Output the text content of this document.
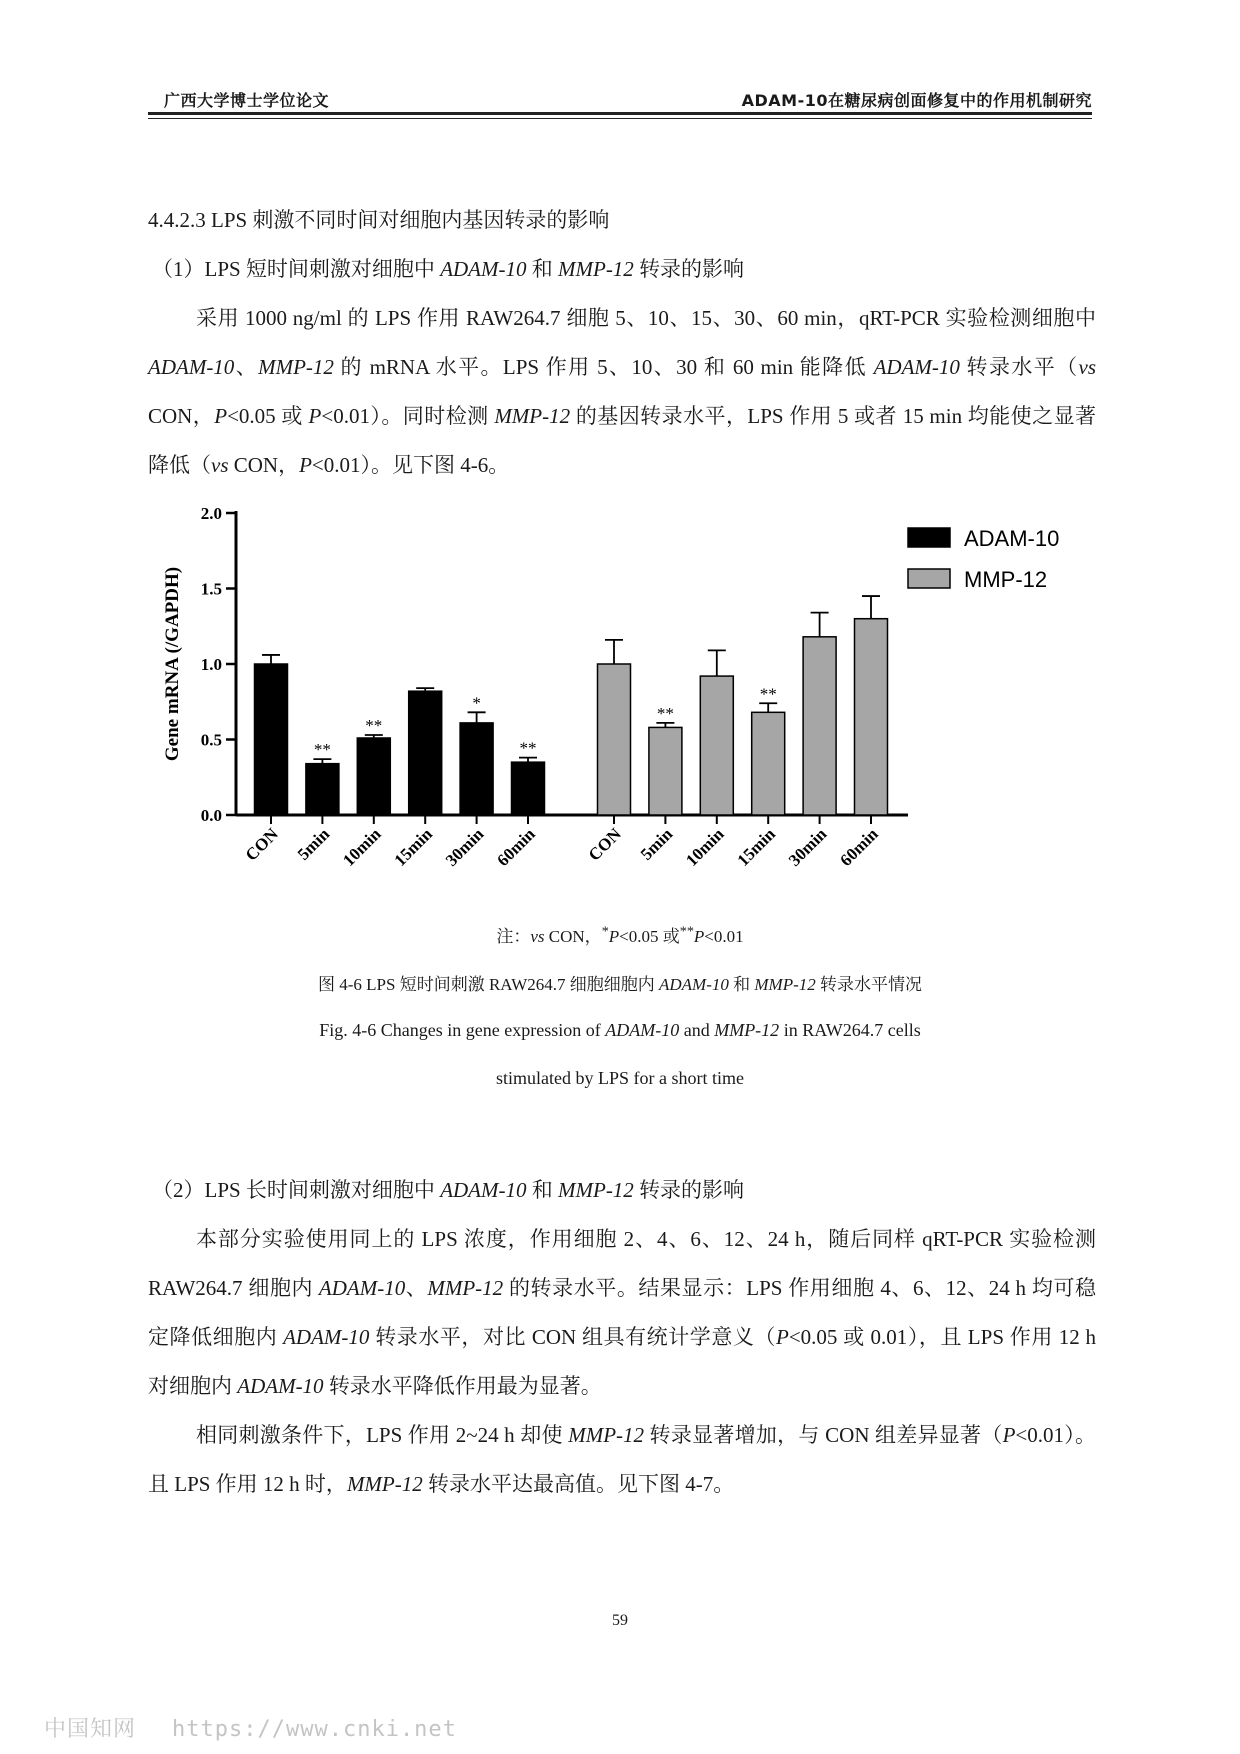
广西大学博士学位论文	ADAM-10在糖尿病创面修复中的作用机制研究

4.4.2.3 LPS 刺激不同时间对细胞内基因转录的影响

（1）LPS 短时间刺激对细胞中 ADAM-10 和 MMP-12 转录的影响

采用 1000 ng/ml 的 LPS 作用 RAW264.7 细胞 5、10、15、30、60 min，qRT-PCR 实验检测细胞中 ADAM-10、MMP-12 的 mRNA 水平。LPS 作用 5、10、30 和 60 min 能降低 ADAM-10 转录水平（vs CON，P<0.05 或 P<0.01）。同时检测 MMP-12 的基因转录水平，LPS 作用 5 或者 15 min 均能使之显著降低（vs CON，P<0.01）。见下图 4-6。

0.0
0.5
1.0
1.5
2.0
Gene mRNA (/GAPDH)
CON
**
5min
**
10min 15min
*
30min
**
60min	CON
**
5min 10min
**
15min 30min 60min
ADAM-10
MMP-12
注：vs CON，*P<0.05 或**P<0.01
图 4-6 LPS 短时间刺激 RAW264.7 细胞细胞内 ADAM-10 和 MMP-12 转录水平情况
Fig. 4-6 Changes in gene expression of ADAM-10 and MMP-12 in RAW264.7 cells
stimulated by LPS for a short time

（2）LPS 长时间刺激对细胞中 ADAM-10 和 MMP-12 转录的影响

本部分实验使用同上的 LPS 浓度，作用细胞 2、4、6、12、24 h，随后同样 qRT-PCR 实验检测 RAW264.7 细胞内 ADAM-10、MMP-12 的转录水平。结果显示：LPS 作用细胞 4、6、12、24 h 均可稳定降低细胞内 ADAM-10 转录水平，对比 CON 组具有统计学意义（P<0.05 或 0.01），且 LPS 作用 12 h 对细胞内 ADAM-10 转录水平降低作用最为显著。

相同刺激条件下，LPS 作用 2~24 h 却使 MMP-12 转录显著增加，与 CON 组差异显著（P<0.01）。且 LPS 作用 12 h 时，MMP-12 转录水平达最高值。见下图 4-7。

59
中国知网 https://www.cnki.net
